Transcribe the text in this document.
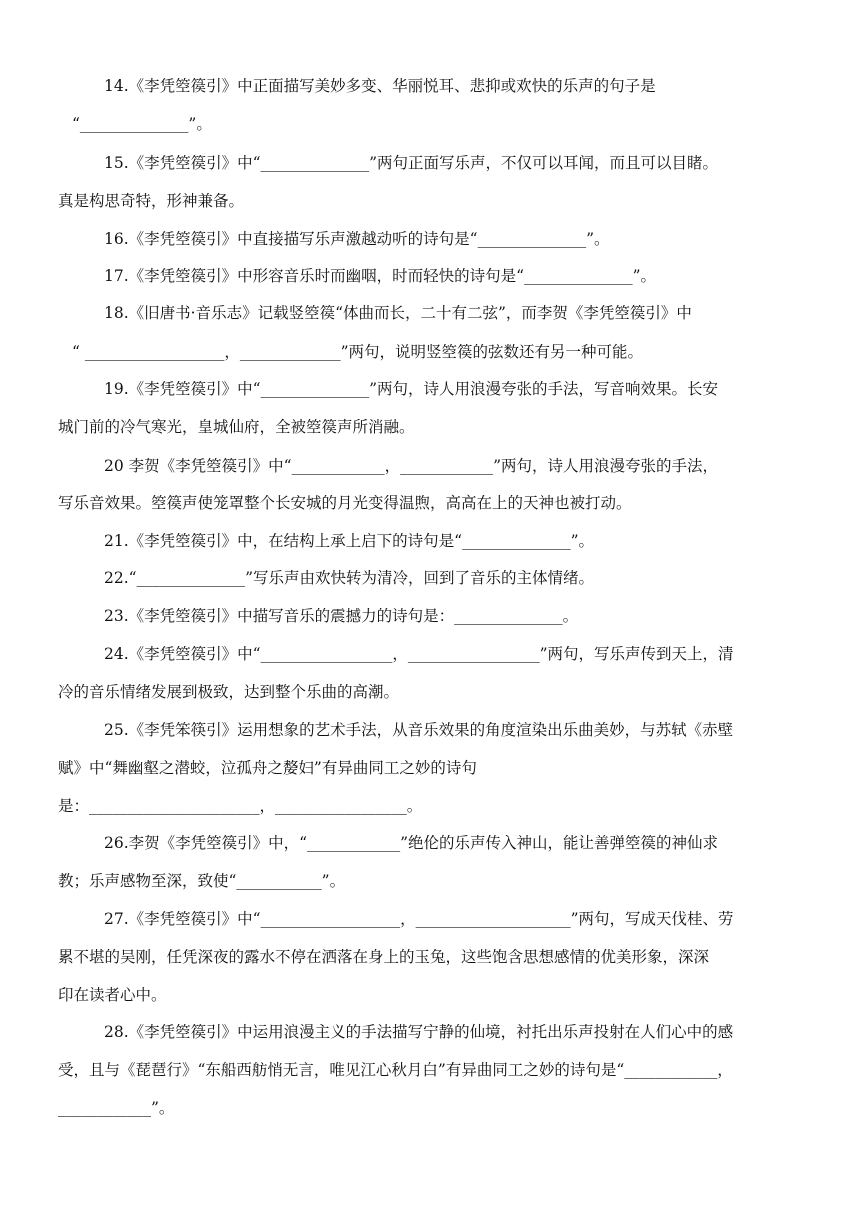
14.《李凭箜篌引》中正面描写美妙多变、华丽悦耳、悲抑或欢快的乐声的句子是
“______________”。
15.《李凭箜篌引》中“______________”两句正面写乐声，不仅可以耳闻，而且可以目睹。
真是构思奇特，形神兼备。
16.《李凭箜篌引》中直接描写乐声激越动听的诗句是“______________”。
17.《李凭箜篌引》中形容音乐时而幽咽，时而轻快的诗句是“______________”。
18.《旧唐书·音乐志》记载竖箜篌“体曲而长，二十有二弦”，而李贺《李凭箜篌引》中
“ __________________，_____________”两句，说明竖箜篌的弦数还有另一种可能。
19.《李凭箜篌引》中“______________”两句，诗人用浪漫夸张的手法，写音响效果。长安
城门前的冷气寒光，皇城仙府，全被箜篌声所消融。
20 李贺《李凭箜篌引》中“____________，____________”两句，诗人用浪漫夸张的手法，
写乐音效果。箜篌声使笼罩整个长安城的月光变得温煦，高高在上的天神也被打动。
21.《李凭箜篌引》中，在结构上承上启下的诗句是“______________”。
22.“______________”写乐声由欢快转为清冷，回到了音乐的主体情绪。
23.《李凭箜篌引》中描写音乐的震撼力的诗句是：______________。
24.《李凭箜篌引》中“_________________，_________________”两句，写乐声传到天上，清
冷的音乐情绪发展到极致，达到整个乐曲的高潮。
25.《李凭笨筷引》运用想象的艺术手法，从音乐效果的角度渲染出乐曲美妙，与苏轼《赤壁
赋》中“舞幽壑之潜蛟，泣孤舟之嫠妇”有异曲同工之妙的诗句
是：______________________，_________________。
26.李贺《李凭箜篌引》中，“____________”绝伦的乐声传入神山，能让善弹箜篌的神仙求
教；乐声感物至深，致使“___________”。
27.《李凭箜篌引》中“__________________，____________________”两句，写成天伐桂、劳
累不堪的吴刚，任凭深夜的露水不停在洒落在身上的玉兔，这些饱含思想感情的优美形象，深深
印在读者心中。
28.《李凭箜篌引》中运用浪漫主义的手法描写宁静的仙境，衬托出乐声投射在人们心中的感
受，且与《琵琶行》“东船西舫悄无言，唯见江心秋月白”有异曲同工之妙的诗句是“____________，
____________”。
